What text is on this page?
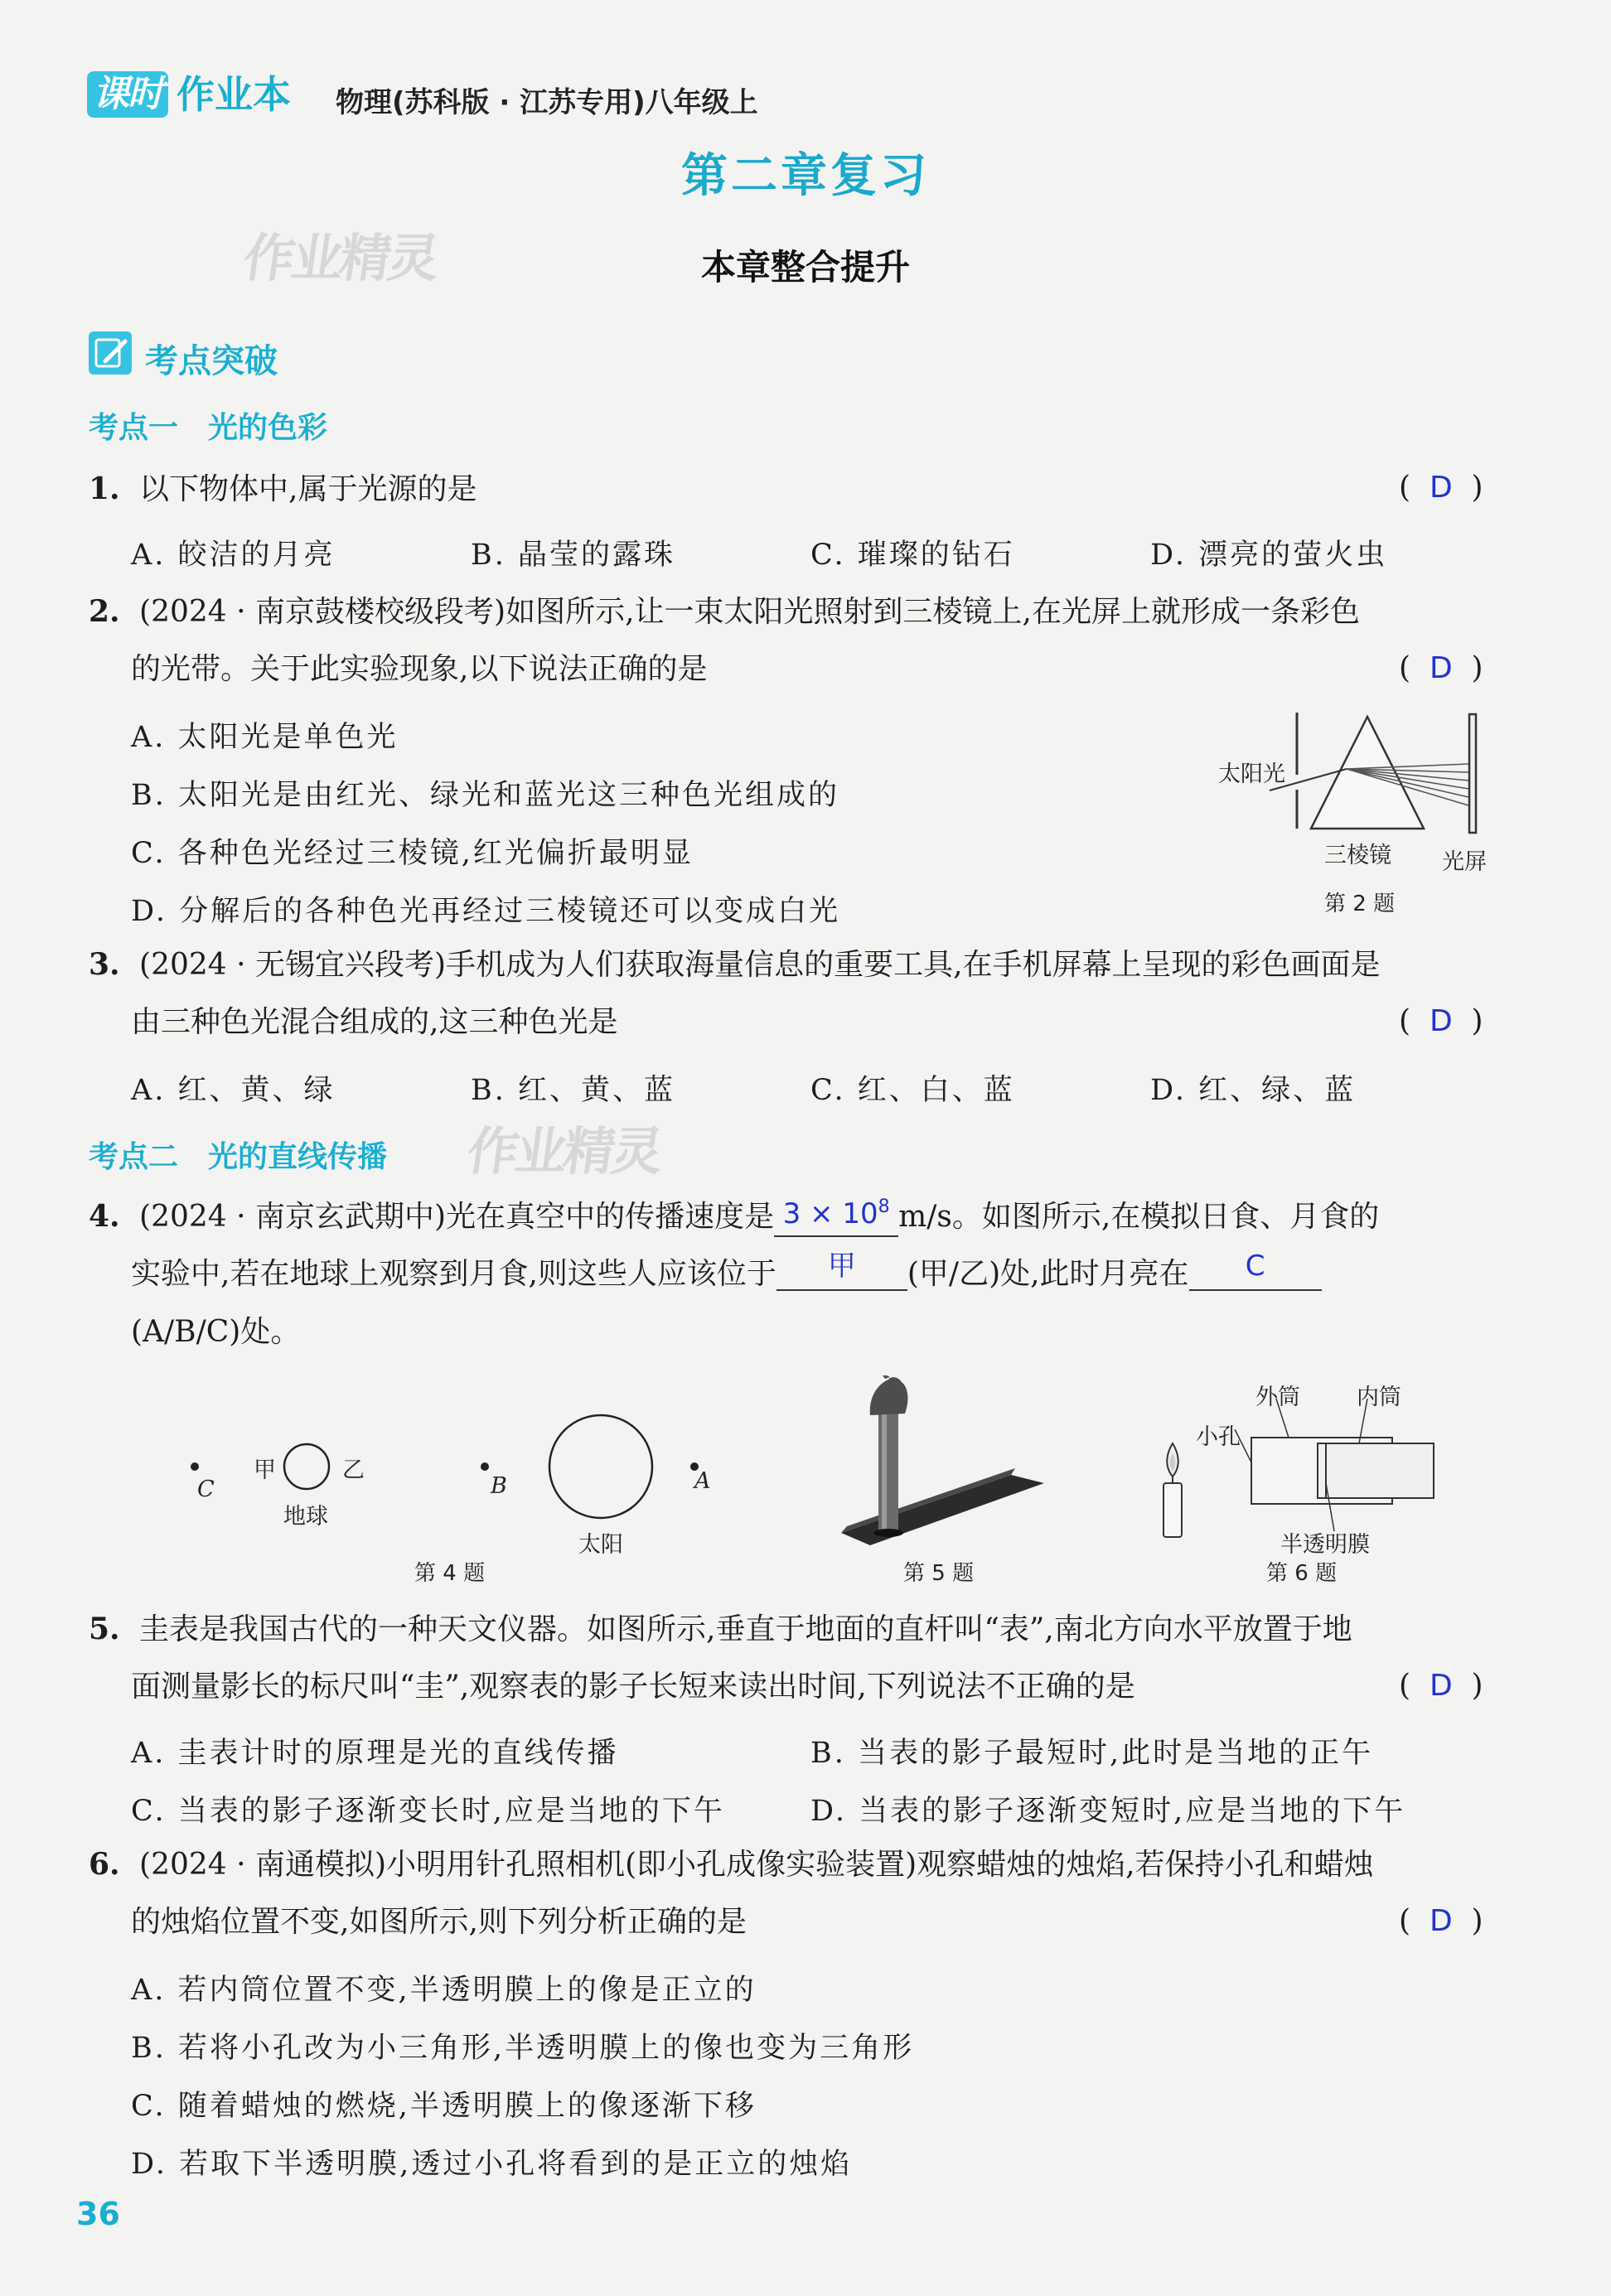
课时 作业本 物理(苏科版 · 江苏专用)八年级上
第二章复习
作业精灵
作业精灵
本章整合提升
考点突破
考点一　光的色彩
1. 以下物体中,属于光源的是	(  D  )
A. 皎洁的月亮	B. 晶莹的露珠	C. 璀璨的钻石	D. 漂亮的萤火虫
2. (2024 · 南京鼓楼校级段考)如图所示,让一束太阳光照射到三棱镜上,在光屏上就形成一条彩色
的光带。关于此实验现象,以下说法正确的是	(  D  )
A. 太阳光是单色光
B. 太阳光是由红光、绿光和蓝光这三种色光组成的
C. 各种色光经过三棱镜,红光偏折最明显
D. 分解后的各种色光再经过三棱镜还可以变成白光
太阳光
三棱镜 光屏
第 2 题
3. (2024 · 无锡宜兴段考)手机成为人们获取海量信息的重要工具,在手机屏幕上呈现的彩色画面是
由三种色光混合组成的,这三种色光是	(  D  )
A. 红、黄、绿	B. 红、黄、蓝	C. 红、白、蓝	D. 红、绿、蓝
考点二　光的直线传播
4. (2024 · 南京玄武期中)光在真空中的传播速度是 $3 \times 10^8$ m/s。如图所示,在模拟日食、月食的
实验中,若在地球上观察到月食,则这些人应该位于 甲 (甲/乙)处,此时月亮在 C
(A/B/C)处。
C
甲	乙
地球
B
太阳
A
第 4 题	第 5 题
外筒	内筒
小孔
半透明膜
第 6 题
5. 圭表是我国古代的一种天文仪器。如图所示,垂直于地面的直杆叫“表”,南北方向水平放置于地
面测量影长的标尺叫“圭”,观察表的影子长短来读出时间,下列说法不正确的是	(  D  )
A. 圭表计时的原理是光的直线传播	B. 当表的影子最短时,此时是当地的正午
C. 当表的影子逐渐变长时,应是当地的下午	D. 当表的影子逐渐变短时,应是当地的下午
6. (2024 · 南通模拟)小明用针孔照相机(即小孔成像实验装置)观察蜡烛的烛焰,若保持小孔和蜡烛
的烛焰位置不变,如图所示,则下列分析正确的是	(  D  )
A. 若内筒位置不变,半透明膜上的像是正立的
B. 若将小孔改为小三角形,半透明膜上的像也变为三角形
C. 随着蜡烛的燃烧,半透明膜上的像逐渐下移
D. 若取下半透明膜,透过小孔将看到的是正立的烛焰
36
